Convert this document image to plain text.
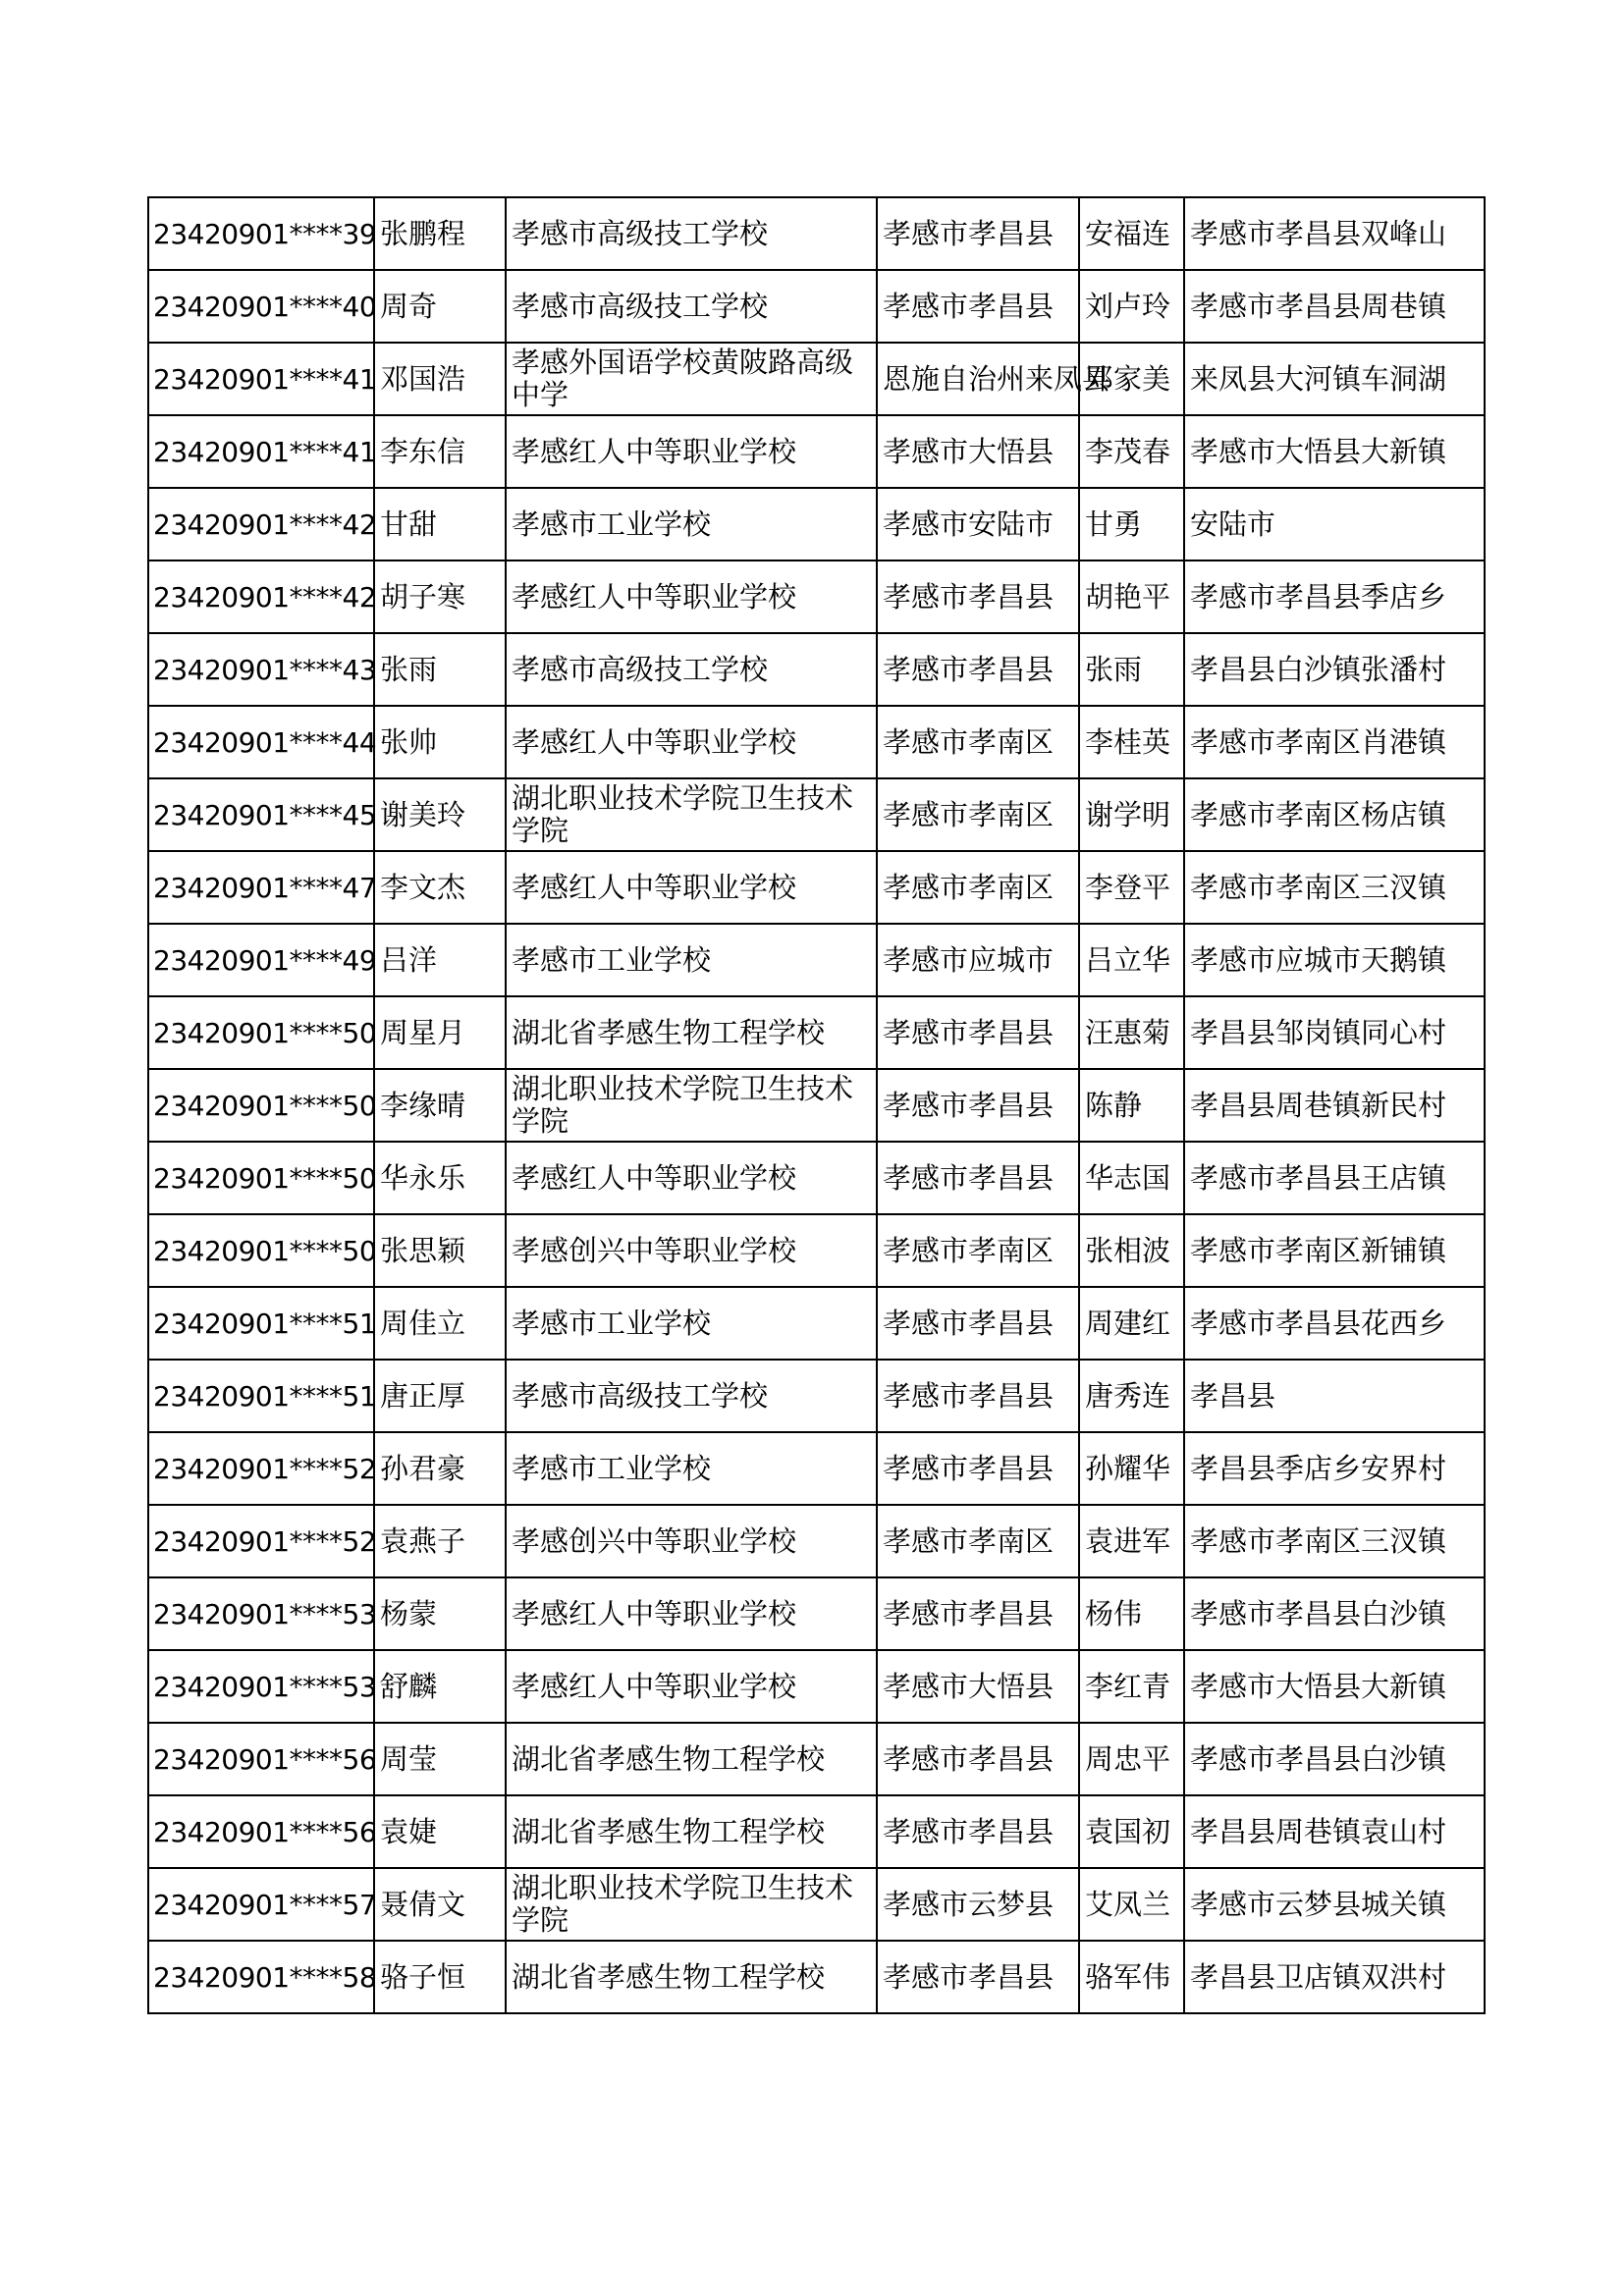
23420901****39	张鹏程	孝感市高级技工学校	孝感市孝昌县	安福连	孝感市孝昌县双峰山
23420901****40	周奇	孝感市高级技工学校	孝感市孝昌县	刘卢玲	孝感市孝昌县周巷镇
23420901****41	邓国浩	孝感外国语学校黄陂路高级中学	恩施自治州来凤县	邓家美	来凤县大河镇车洞湖
23420901****41	李东信	孝感红人中等职业学校	孝感市大悟县	李茂春	孝感市大悟县大新镇
23420901****42	甘甜	孝感市工业学校	孝感市安陆市	甘勇	安陆市
23420901****42	胡子寒	孝感红人中等职业学校	孝感市孝昌县	胡艳平	孝感市孝昌县季店乡
23420901****43	张雨	孝感市高级技工学校	孝感市孝昌县	张雨	孝昌县白沙镇张潘村
23420901****44	张帅	孝感红人中等职业学校	孝感市孝南区	李桂英	孝感市孝南区肖港镇
23420901****45	谢美玲	湖北职业技术学院卫生技术学院	孝感市孝南区	谢学明	孝感市孝南区杨店镇
23420901****47	李文杰	孝感红人中等职业学校	孝感市孝南区	李登平	孝感市孝南区三汊镇
23420901****49	吕洋	孝感市工业学校	孝感市应城市	吕立华	孝感市应城市天鹅镇
23420901****50	周星月	湖北省孝感生物工程学校	孝感市孝昌县	汪惠菊	孝昌县邹岗镇同心村
23420901****50	李缘晴	湖北职业技术学院卫生技术学院	孝感市孝昌县	陈静	孝昌县周巷镇新民村
23420901****50	华永乐	孝感红人中等职业学校	孝感市孝昌县	华志国	孝感市孝昌县王店镇
23420901****50	张思颖	孝感创兴中等职业学校	孝感市孝南区	张相波	孝感市孝南区新铺镇
23420901****51	周佳立	孝感市工业学校	孝感市孝昌县	周建红	孝感市孝昌县花西乡
23420901****51	唐正厚	孝感市高级技工学校	孝感市孝昌县	唐秀连	孝昌县
23420901****52	孙君豪	孝感市工业学校	孝感市孝昌县	孙耀华	孝昌县季店乡安界村
23420901****52	袁燕子	孝感创兴中等职业学校	孝感市孝南区	袁进军	孝感市孝南区三汊镇
23420901****53	杨蒙	孝感红人中等职业学校	孝感市孝昌县	杨伟	孝感市孝昌县白沙镇
23420901****53	舒麟	孝感红人中等职业学校	孝感市大悟县	李红青	孝感市大悟县大新镇
23420901****56	周莹	湖北省孝感生物工程学校	孝感市孝昌县	周忠平	孝感市孝昌县白沙镇
23420901****56	袁婕	湖北省孝感生物工程学校	孝感市孝昌县	袁国初	孝昌县周巷镇袁山村
23420901****57	聂倩文	湖北职业技术学院卫生技术学院	孝感市云梦县	艾凤兰	孝感市云梦县城关镇
23420901****58	骆子恒	湖北省孝感生物工程学校	孝感市孝昌县	骆军伟	孝昌县卫店镇双洪村
